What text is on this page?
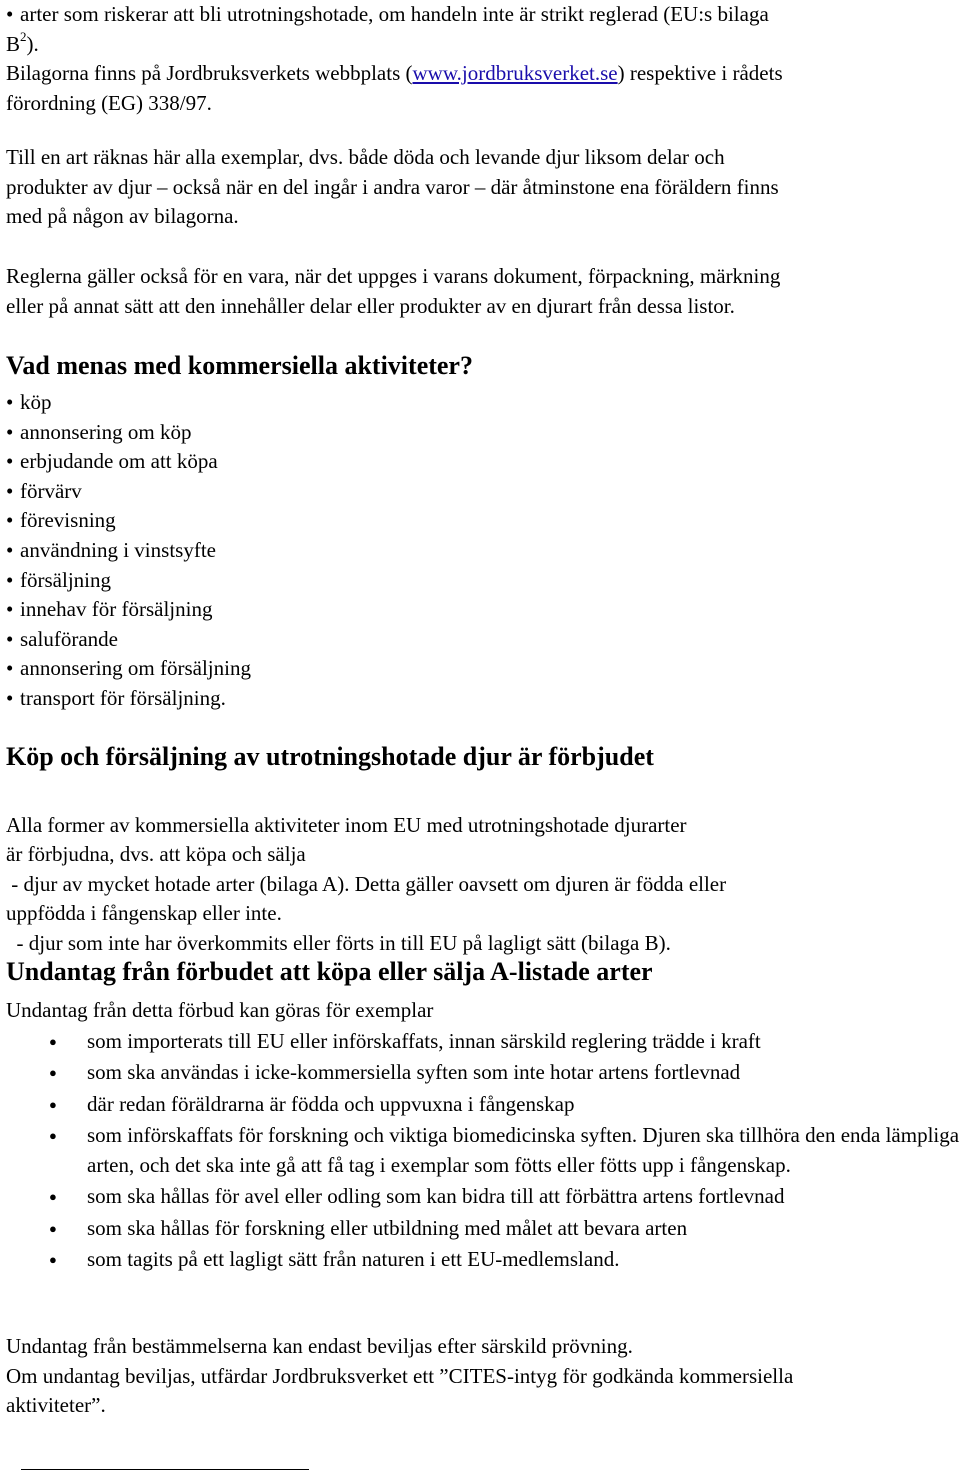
• arter som riskerar att bli utrotningshotade, om handeln inte är strikt reglerad (EU:s bilaga
$B^2$).
Bilagorna finns på Jordbruksverkets webbplats (www.jordbruksverket.se) respektive i rådets
förordning (EG) 338/97.

Till en art räknas här alla exemplar, dvs. både döda och levande djur liksom delar och
produkter av djur – också när en del ingår i andra varor – där åtminstone ena föräldern finns
med på någon av bilagorna.

Reglerna gäller också för en vara, när det uppges i varans dokument, förpackning, märkning
eller på annat sätt att den innehåller delar eller produkter av en djurart från dessa listor.

Vad menas med kommersiella aktiviteter?
• köp
• annonsering om köp
• erbjudande om att köpa
• förvärv
• förevisning
• användning i vinstsyfte
• försäljning
• innehav för försäljning
• saluförande
• annonsering om försäljning
• transport för försäljning.
Köp och försäljning av utrotningshotade djur är förbjudet

Alla former av kommersiella aktiviteter inom EU med utrotningshotade djurarter
är förbjudna, dvs. att köpa och sälja
- djur av mycket hotade arter (bilaga A). Detta gäller oavsett om djuren är födda eller
uppfödda i fångenskap eller inte.
- djur som inte har överkommits eller förts in till EU på lagligt sätt (bilaga B).

Undantag från förbudet att köpa eller sälja A-listade arter

Undantag från detta förbud kan göras för exemplar

● som importerats till EU eller införskaffats, innan särskild reglering trädde i kraft
● som ska användas i icke-kommersiella syften som inte hotar artens fortlevnad
● där redan föräldrarna är födda och uppvuxna i fångenskap
● som införskaffats för forskning och viktiga biomedicinska syften. Djuren ska tillhöra den enda lämpliga arten, och det ska inte gå att få tag i exemplar som fötts eller fötts upp i fångenskap.
● som ska hållas för avel eller odling som kan bidra till att förbättra artens fortlevnad
● som ska hållas för forskning eller utbildning med målet att bevara arten
● som tagits på ett lagligt sätt från naturen i ett EU-medlemsland.

Undantag från bestämmelserna kan endast beviljas efter särskild prövning.
Om undantag beviljas, utfärdar Jordbruksverket ett ”CITES-intyg för godkända kommersiella
aktiviteter”.
